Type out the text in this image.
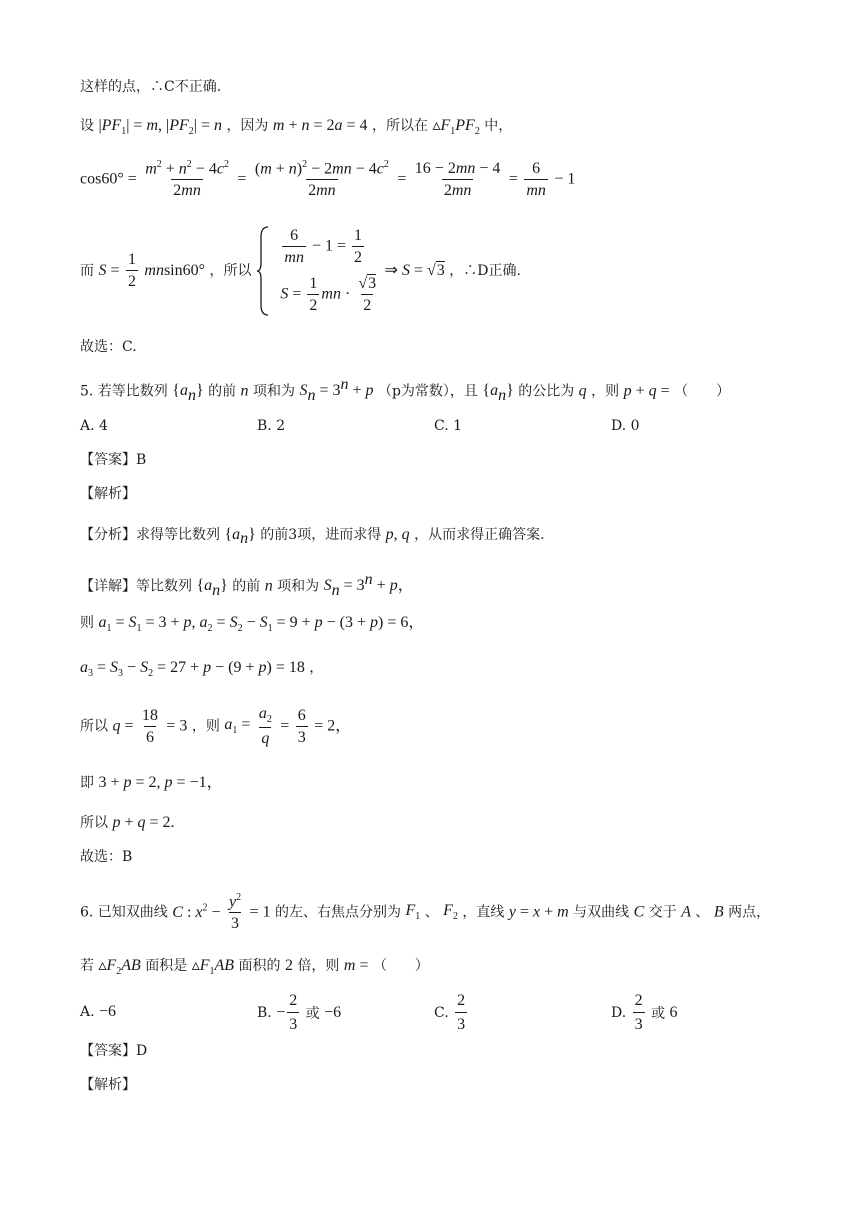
这样的点，∴C不正确.
设 $|PF_1| = m$, $|PF_2| = n$ ，因为 m + n = 2a = 4 ，所以在 $▵F_1PF_2$ 中，
$\cos 60^\circ = \frac{m^2 + n^2 - 4c^2}{2mn} = \frac{(m + n)^2 - 2mn - 4c^2}{2mn} = \frac{16 - 2mn - 4}{2mn} = \frac{6}{mn} - 1$
而 $S = \frac{1}{2} mnsin60^\circ$ ，所以
$\frac{6}{mn} - 1 = \frac{1}{2}$
$S = \frac{1}{2}$ mn · $\frac{√3}{2}$
⇒ S = √3 ，∴D正确.
故选：C.
5. 若等比数列 $\{a_n\}$ 的前 n 项和为 $S_n = 3^n + p$ （p为常数），且 $\{a_n\}$ 的公比为 q ，则 p + q = （　　）
A. 4	B. 2	C. 1	D. 0
【答案】B
【解析】
【分析】求得等比数列 $\{a_n\}$ 的前3项，进而求得 p, q ，从而求得正确答案.
【详解】等比数列 $\{a_n\}$ 的前 n 项和为 $S_n = 3^n + p$，
则 $a_1 = S_1 = 3 + p$, $a_2 = S_2 - S_1 = 9 + p - (3 + p) = 6$，
$a_3 = S_3 - S_2 = 27 + p - (9 + p) = 18$ ，
所以 $q = \frac{18}{6} = 3$ ，则 $a_1 = \frac{a_2}{q} = \frac{6}{3} = 2$，
即 3 + p = 2, p = −1，
所以 p + q = 2.
故选：B
6. 已知双曲线 C : $x^2 - \frac{y^2}{3} = 1$ 的左、右焦点分别为 $F_1$ 、 $F_2$ ，直线 y = x + m 与双曲线 C 交于 A 、 B 两点，
若 $▵F_2AB$ 面积是 $▵F_1AB$ 面积的 2 倍，则 m = （　　）
A. −6	B. − $\frac{2}{3}$ 或 −6	C. $\frac{2}{3}$	D. $\frac{2}{3}$ 或 6
【答案】D
【解析】
